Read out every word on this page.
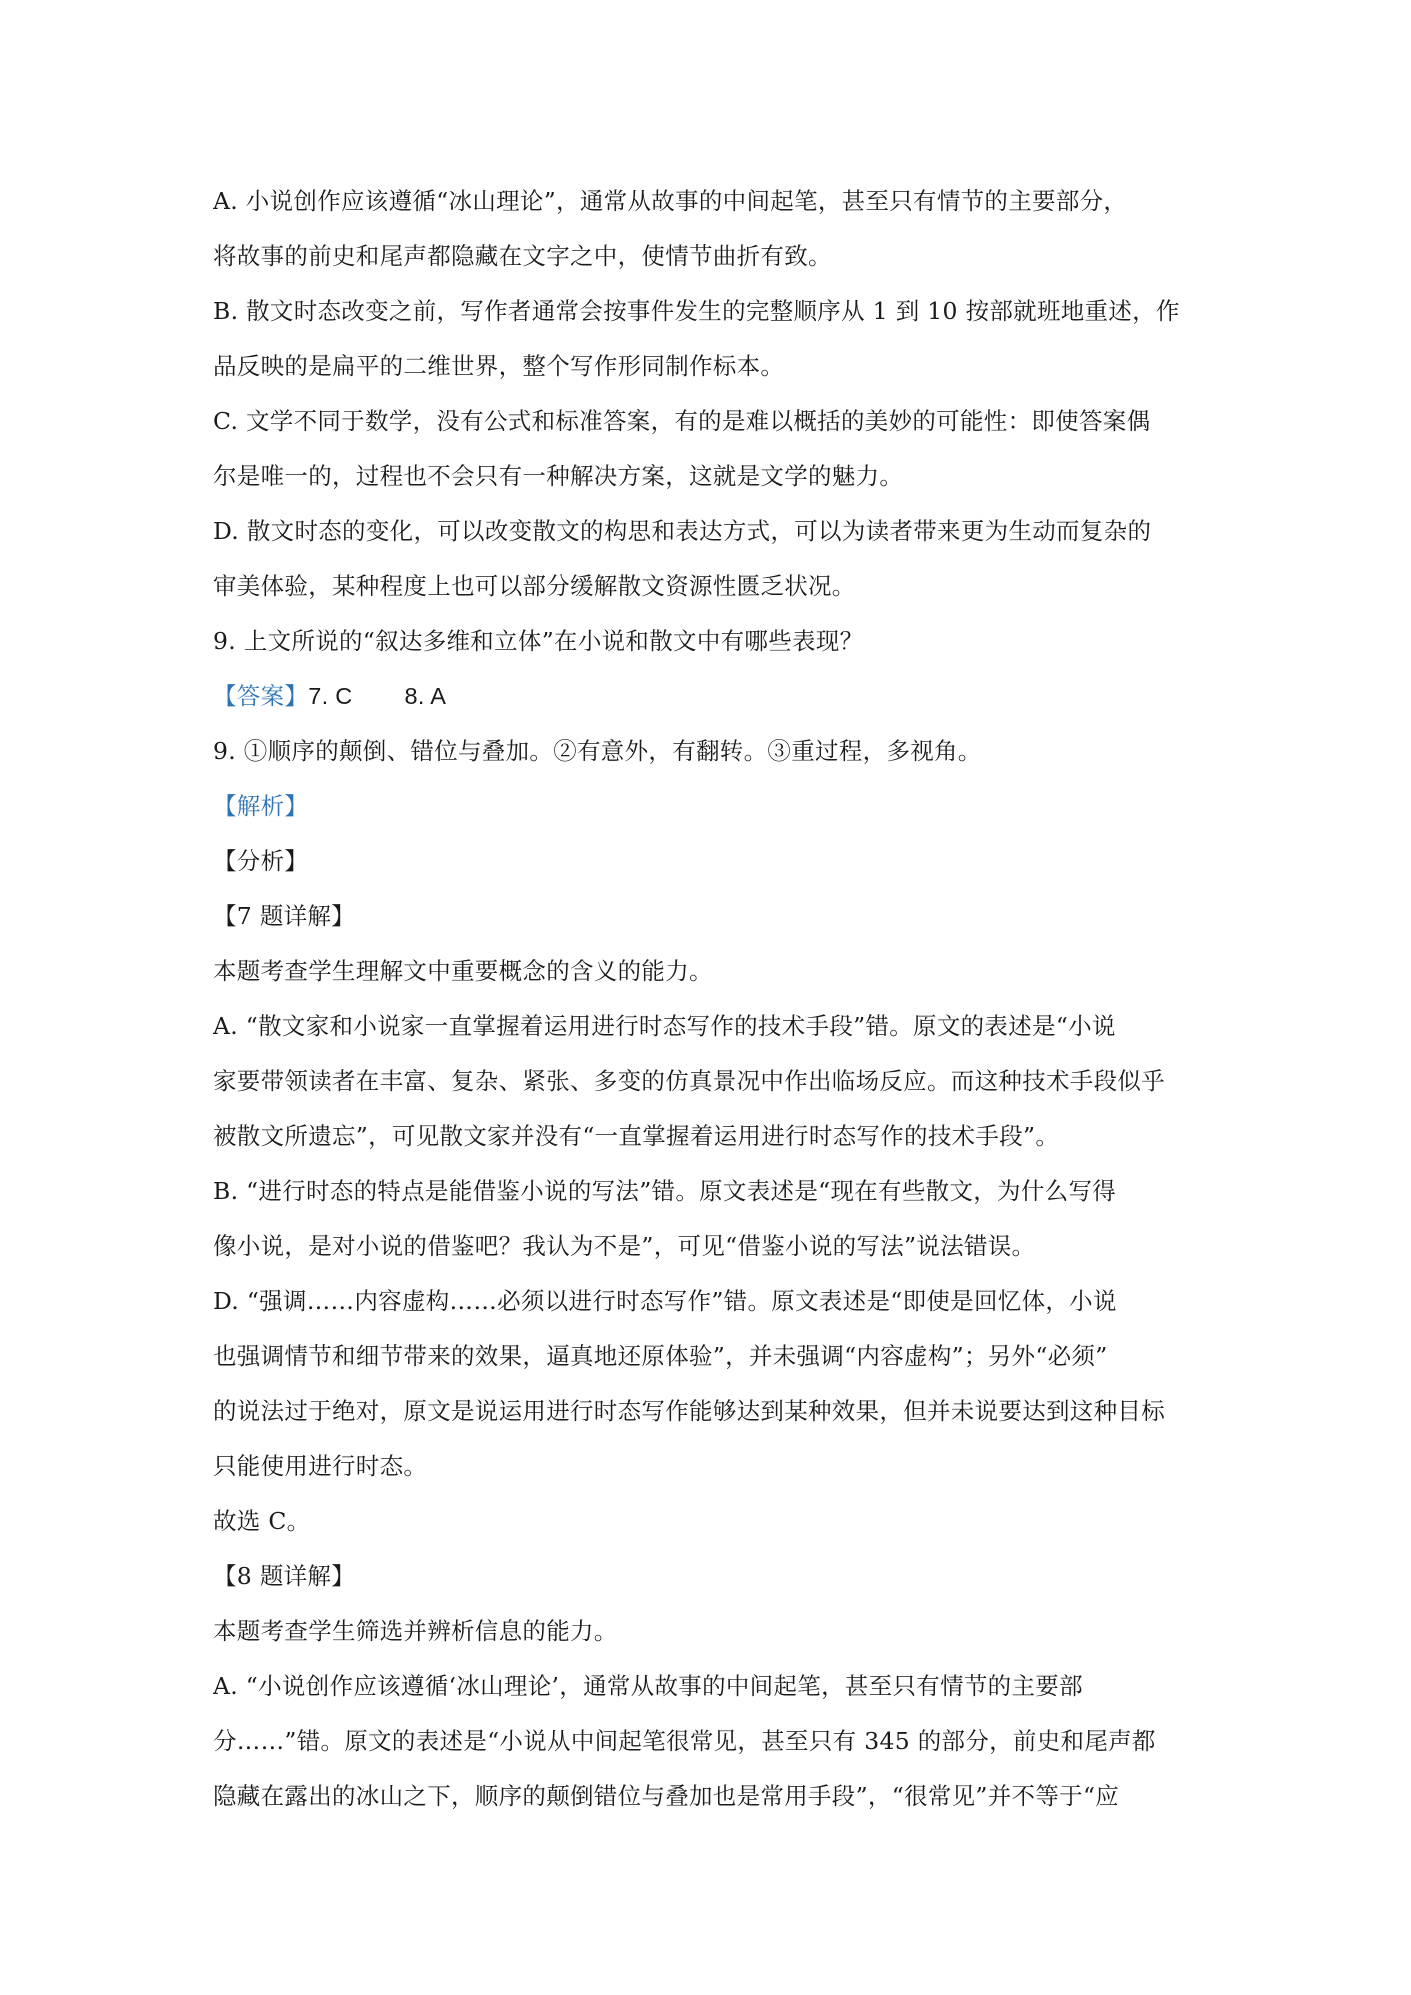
A. 小说创作应该遵循“冰山理论”，通常从故事的中间起笔，甚至只有情节的主要部分，
将故事的前史和尾声都隐藏在文字之中，使情节曲折有致。
B. 散文时态改变之前，写作者通常会按事件发生的完整顺序从 1 到 10 按部就班地重述，作
品反映的是扁平的二维世界，整个写作形同制作标本。
C. 文学不同于数学，没有公式和标准答案，有的是难以概括的美妙的可能性：即使答案偶
尔是唯一的，过程也不会只有一种解决方案，这就是文学的魅力。
D. 散文时态的变化，可以改变散文的构思和表达方式，可以为读者带来更为生动而复杂的
审美体验，某种程度上也可以部分缓解散文资源性匮乏状况。
9. 上文所说的“叙达多维和立体”在小说和散文中有哪些表现？
【答案】7. C 8. A
9. ①顺序的颠倒、错位与叠加。②有意外，有翻转。③重过程，多视角。
【解析】
【分析】
【7 题详解】
本题考查学生理解文中重要概念的含义的能力。
A. “散文家和小说家一直掌握着运用进行时态写作的技术手段”错。原文的表述是“小说
家要带领读者在丰富、复杂、紧张、多变的仿真景况中作出临场反应。而这种技术手段似乎
被散文所遗忘”，可见散文家并没有“一直掌握着运用进行时态写作的技术手段”。
B. “进行时态的特点是能借鉴小说的写法”错。原文表述是“现在有些散文，为什么写得
像小说，是对小说的借鉴吧？我认为不是”，可见“借鉴小说的写法”说法错误。
D. “强调……内容虚构……必须以进行时态写作”错。原文表述是“即使是回忆体，小说
也强调情节和细节带来的效果，逼真地还原体验”，并未强调“内容虚构”；另外“必须”
的说法过于绝对，原文是说运用进行时态写作能够达到某种效果，但并未说要达到这种目标
只能使用进行时态。
故选 C。
【8 题详解】
本题考查学生筛选并辨析信息的能力。
A. “小说创作应该遵循‘冰山理论’，通常从故事的中间起笔，甚至只有情节的主要部
分……”错。原文的表述是“小说从中间起笔很常见，甚至只有 345 的部分，前史和尾声都
隐藏在露出的冰山之下，顺序的颠倒错位与叠加也是常用手段”，“很常见”并不等于“应
